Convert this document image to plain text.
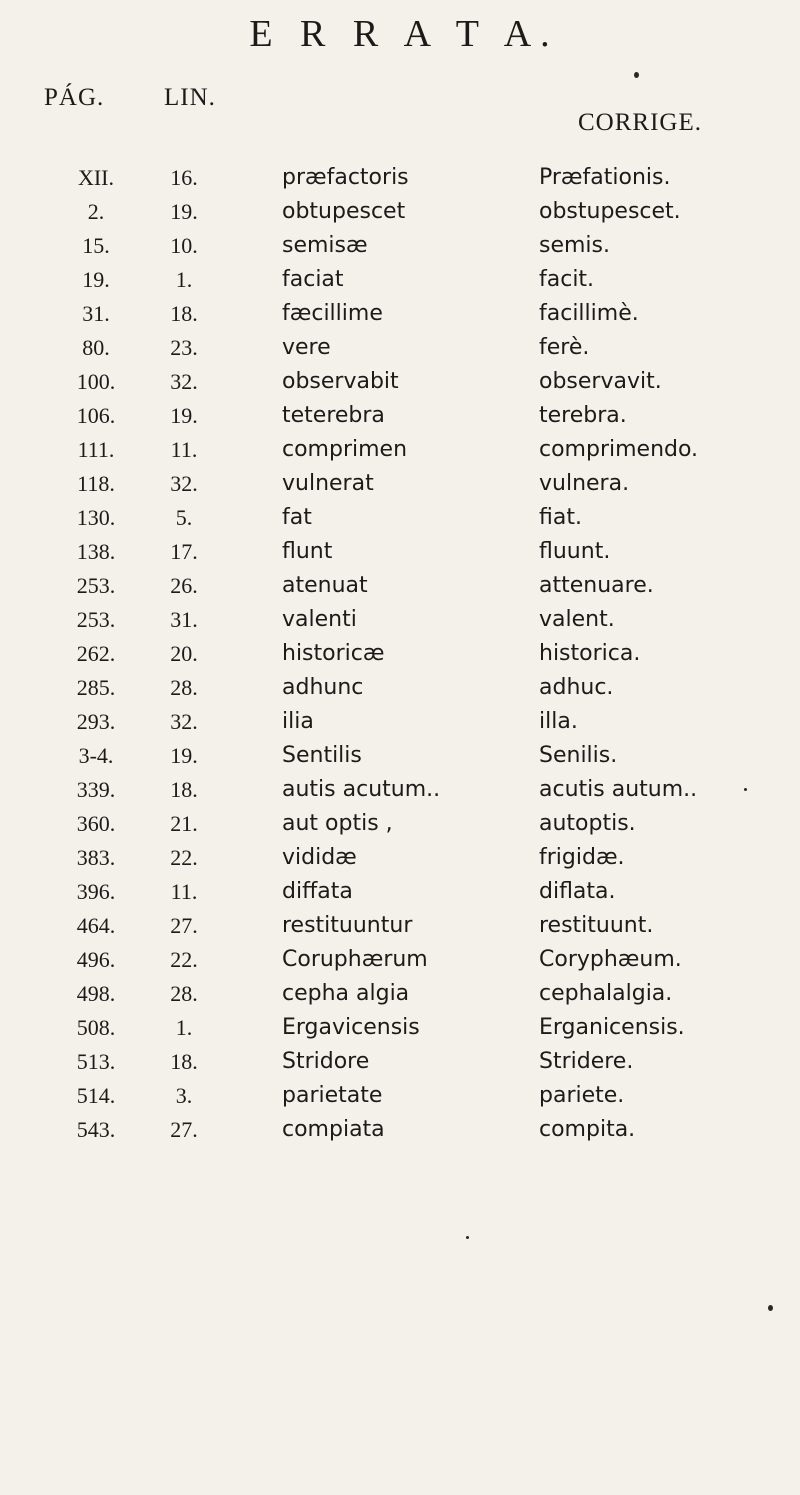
E R R A T A.
PÁG. LIN.
CORRIGE.
XII.	16.	præfactoris	Præfationis.
2.	19.	obtupescet	obstupescet.
15.	10.	semisæ	semis.
19.	1.	faciat	facit.
31.	18.	fæcillime	facillimè.
80.	23.	vere	ferè.
100.	32.	observabit	observavit.
106.	19.	teterebra	terebra.
111.	11.	comprimen	comprimendo.
118.	32.	vulnerat	vulnera.
130.	5.	fat	fiat.
138.	17.	flunt	fluunt.
253.	26.	atenuat	attenuare.
253.	31.	valenti	valent.
262.	20.	historicæ	historica.
285.	28.	adhunc	adhuc.
293.	32.	ilia	illa.
3-4.	19.	Sentilis	Senilis.
339.	18.	autis acutum..	acutis autum..
360.	21.	aut optis ,	autoptis.
383.	22.	vididæ	frigidæ.
396.	11.	diffata	diflata.
464.	27.	restituuntur	restituunt.
496.	22.	Coruphærum	Coryphæum.
498.	28.	cepha algia	cephalalgia.
508.	1.	Ergavicensis	Erganicensis.
513.	18.	Stridore	Stridere.
514.	3.	parietate	pariete.
543.	27.	compiata	compita.
